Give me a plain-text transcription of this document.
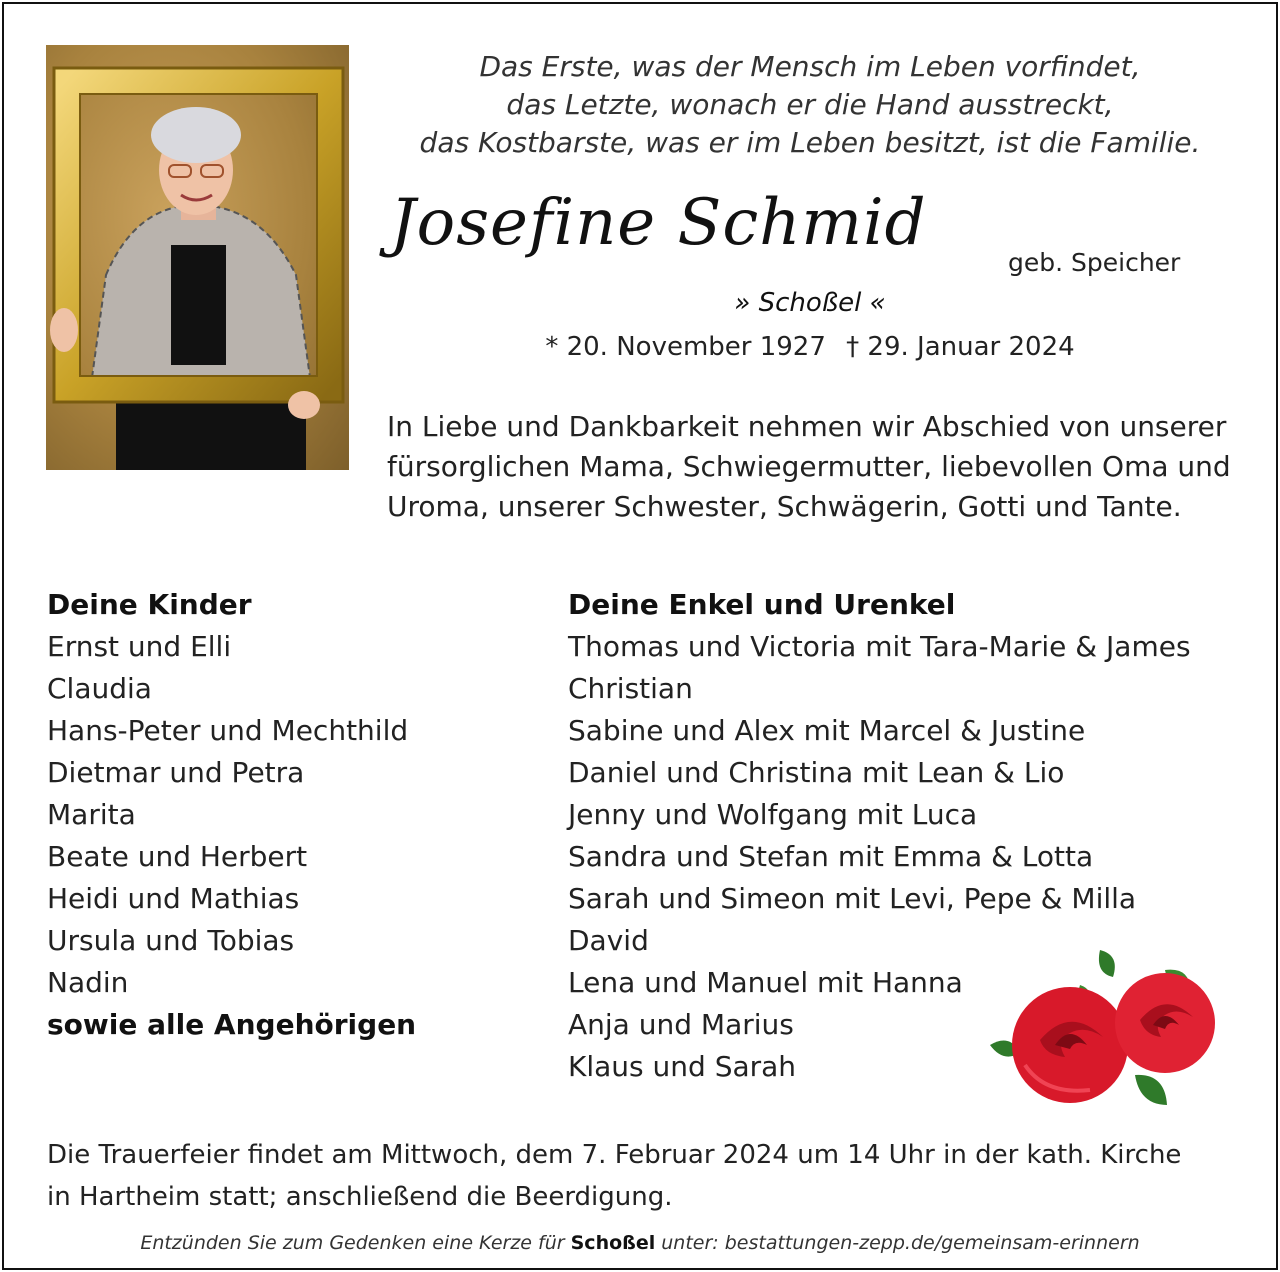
Das Erste, was der Mensch im Leben vorfindet,
das Letzte, wonach er die Hand ausstreckt,
das Kostbarste, was er im Leben besitzt, ist die Familie.
Josefine Schmid
geb. Speicher
» Schoßel «
* 20. November 1927 † 29. Januar 2024
In Liebe und Dankbarkeit nehmen wir Abschied von unserer
fürsorglichen Mama, Schwiegermutter, liebevollen Oma und
Uroma, unserer Schwester, Schwägerin, Gotti und Tante.
Deine Kinder
Ernst und Elli
Claudia
Hans-Peter und Mechthild
Dietmar und Petra
Marita
Beate und Herbert
Heidi und Mathias
Ursula und Tobias
Nadin
sowie alle Angehörigen
Deine Enkel und Urenkel
Thomas und Victoria mit Tara-Marie & James
Christian
Sabine und Alex mit Marcel & Justine
Daniel und Christina mit Lean & Lio
Jenny und Wolfgang mit Luca
Sandra und Stefan mit Emma & Lotta
Sarah und Simeon mit Levi, Pepe & Milla
David
Lena und Manuel mit Hanna
Anja und Marius
Klaus und Sarah
Die Trauerfeier findet am Mittwoch, dem 7. Februar 2024 um 14 Uhr in der kath. Kirche
in Hartheim statt; anschließend die Beerdigung.
Entzünden Sie zum Gedenken eine Kerze für Schoßel unter: bestattungen-zepp.de/gemeinsam-erinnern
